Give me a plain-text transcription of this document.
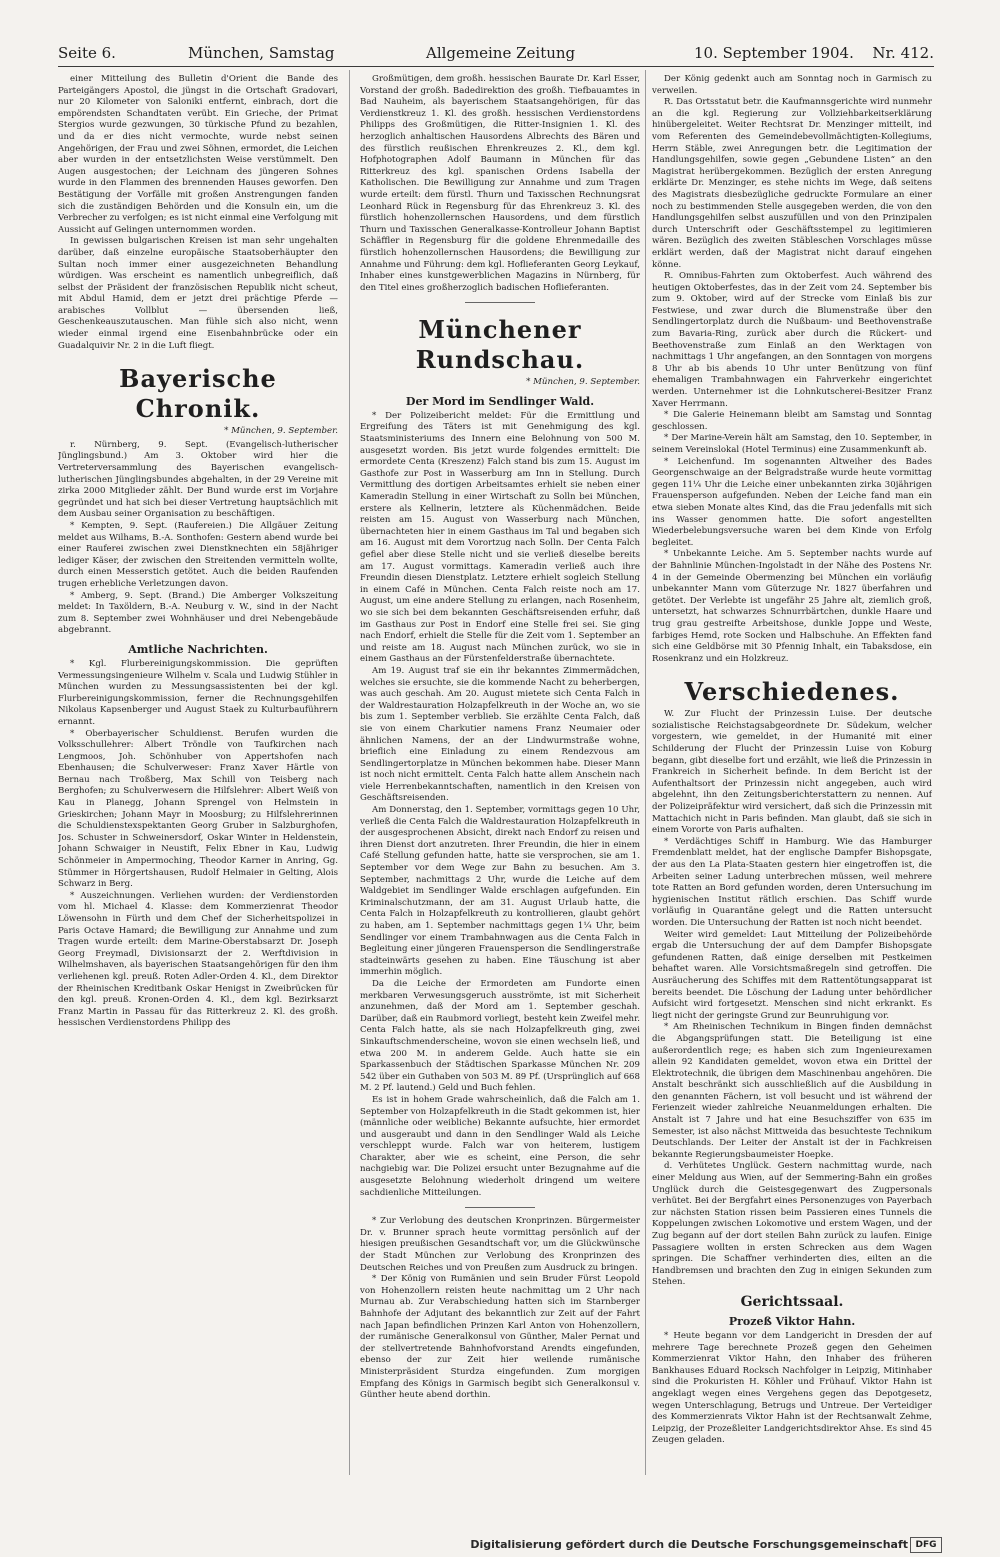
Seite 6.	München, Samstag	Allgemeine Zeitung	10. September 1904. Nr. 412.

einer Mitteilung des Bulletin d'Orient die Bande des Parteigängers Apostol, die jüngst in die Ortschaft Gradovari, nur 20 Kilometer von Saloniki entfernt, einbrach, dort die empörendsten Schandtaten verübt. Ein Grieche, der Primat Stergios wurde gezwungen, 30 türkische Pfund zu bezahlen, und da er dies nicht vermochte, wurde nebst seinen Angehörigen, der Frau und zwei Söhnen, ermordet, die Leichen aber wurden in der entsetzlichsten Weise verstümmelt. Den Augen ausgestochen; der Leichnam des jüngeren Sohnes wurde in den Flammen des brennenden Hauses geworfen. Den Bestätigung der Vorfälle mit großen Anstrengungen fanden sich die zuständigen Behörden und die Konsuln ein, um die Verbrecher zu verfolgen; es ist nicht einmal eine Verfolgung mit Aussicht auf Gelingen unternommen worden.

In gewissen bulgarischen Kreisen ist man sehr ungehalten darüber, daß einzelne europäische Staatsoberhäupter den Sultan noch immer einer ausgezeichneten Behandlung würdigen. Was erscheint es namentlich unbegreiflich, daß selbst der Präsident der französischen Republik nicht scheut, mit Abdul Hamid, dem er jetzt drei prächtige Pferde — arabisches Vollblut — übersenden ließ, Geschenkeauszutauschen. Man fühle sich also nicht, wenn wieder einmal irgend eine Eisenbahnbrücke oder ein Guadalquivir Nr. 2 in die Luft fliegt.

Bayerische Chronik.

* München, 9. September.

r. Nürnberg, 9. Sept. (Evangelisch-lutherischer Jünglingsbund.) Am 3. Oktober wird hier die Vertreterversammlung des Bayerischen evangelisch-lutherischen Jünglingsbundes abgehalten, in der 29 Vereine mit zirka 2000 Mitglieder zählt. Der Bund wurde erst im Vorjahre gegründet und hat sich bei dieser Vertretung hauptsächlich mit dem Ausbau seiner Organisation zu beschäftigen.

* Kempten, 9. Sept. (Raufereien.) Die Allgäuer Zeitung meldet aus Wilhams, B.-A. Sonthofen: Gestern abend wurde bei einer Rauferei zwischen zwei Dienstknechten ein 58jähriger lediger Käser, der zwischen den Streitenden vermitteln wollte, durch einen Messerstich getötet. Auch die beiden Raufenden trugen erhebliche Verletzungen davon.

* Amberg, 9. Sept. (Brand.) Die Amberger Volkszeitung meldet: In Taxöldern, B.-A. Neuburg v. W., sind in der Nacht zum 8. September zwei Wohnhäuser und drei Nebengebäude abgebrannt.

Amtliche Nachrichten.

* Kgl. Flurbereinigungskommission. Die geprüften Vermessungsingenieure Wilhelm v. Scala und Ludwig Stühler in München wurden zu Messungsassistenten bei der kgl. Flurbereinigungskommission, ferner die Rechnungsgehilfen Nikolaus Kapsenberger und August Staek zu Kulturbauführern ernannt.

* Oberbayerischer Schuldienst. Berufen wurden die Volksschullehrer: Albert Tröndle von Taufkirchen nach Lengmoos, Joh. Schönhuber von Appertshofen nach Ebenhausen; die Schulverweser: Franz Xaver Härtle von Bernau nach Troßberg, Max Schill von Teisberg nach Berghofen; zu Schulverwesern die Hilfslehrer: Albert Weiß von Kau in Planegg, Johann Sprengel von Helmstein in Grieskirchen; Johann Mayr in Moosburg; zu Hilfslehrerinnen die Schuldienstexspektanten Georg Gruber in Salzburghofen, Jos. Schuster in Schweinersdorf, Oskar Winter in Heldenstein, Johann Schwaiger in Neustift, Felix Ebner in Kau, Ludwig Schönmeier in Ampermoching, Theodor Karner in Anring, Gg. Stümmer in Hörgertshausen, Rudolf Helmaier in Gelting, Alois Schwarz in Berg.

* Auszeichnungen. Verliehen wurden: der Verdienstorden vom hl. Michael 4. Klasse: dem Kommerzienrat Theodor Löwensohn in Fürth und dem Chef der Sicherheitspolizei in Paris Octave Hamard; die Bewilligung zur Annahme und zum Tragen wurde erteilt: dem Marine-Oberstabsarzt Dr. Joseph Georg Freymadl, Divisionsarzt der 2. Werftdivision in Wilhelmshaven, als bayerischen Staatsangehörigen für den ihm verliehenen kgl. preuß. Roten Adler-Orden 4. Kl., dem Direktor der Rheinischen Kreditbank Oskar Henigst in Zweibrücken für den kgl. preuß. Kronen-Orden 4. Kl., dem kgl. Bezirksarzt Franz Martin in Passau für das Ritterkreuz 2. Kl. des großh. hessischen Verdienstordens Philipp des

Großmütigen, dem großh. hessischen Baurate Dr. Karl Esser, Vorstand der großh. Badedirektion des großh. Tiefbauamtes in Bad Nauheim, als bayerischem Staatsangehörigen, für das Verdienstkreuz 1. Kl. des großh. hessischen Verdienstordens Philipps des Großmütigen, die Ritter-Insignien 1. Kl. des herzoglich anhaltischen Hausordens Albrechts des Bären und des fürstlich reußischen Ehrenkreuzes 2. Kl., dem kgl. Hofphotographen Adolf Baumann in München für das Ritterkreuz des kgl. spanischen Ordens Isabella der Katholischen. Die Bewilligung zur Annahme und zum Tragen wurde erteilt: dem fürstl. Thurn und Taxisschen Rechnungsrat Leonhard Rück in Regensburg für das Ehrenkreuz 3. Kl. des fürstlich hohenzollernschen Hausordens, und dem fürstlich Thurn und Taxisschen Generalkasse-Kontrolleur Johann Baptist Schäffler in Regensburg für die goldene Ehrenmedaille des fürstlich hohenzollernschen Hausordens; die Bewilligung zur Annahme und Führung: dem kgl. Hoflieferanten Georg Leykauf, Inhaber eines kunstgewerblichen Magazins in Nürnberg, für den Titel eines großherzoglich badischen Hoflieferanten.

Münchener Rundschau.

* München, 9. September.

Der Mord im Sendlinger Wald.

* Der Polizeibericht meldet: Für die Ermittlung und Ergreifung des Täters ist mit Genehmigung des kgl. Staatsministeriums des Innern eine Belohnung von 500 M. ausgesetzt worden. Bis jetzt wurde folgendes ermittelt: Die ermordete Centa (Kreszenz) Falch stand bis zum 15. August im Gasthofe zur Post in Wasserburg am Inn in Stellung. Durch Vermittlung des dortigen Arbeitsamtes erhielt sie neben einer Kameradin Stellung in einer Wirtschaft zu Solln bei München, erstere als Kellnerin, letztere als Küchenmädchen. Beide reisten am 15. August von Wasserburg nach München, übernachteten hier in einem Gasthaus im Tal und begaben sich am 16. August mit dem Vorortzug nach Solln. Der Centa Falch gefiel aber diese Stelle nicht und sie verließ dieselbe bereits am 17. August vormittags. Kameradin verließ auch ihre Freundin diesen Dienstplatz. Letztere erhielt sogleich Stellung in einem Café in München. Centa Falch reiste noch am 17. August, um eine andere Stellung zu erlangen, nach Rosenheim, wo sie sich bei dem bekannten Geschäftsreisenden erfuhr, daß im Gasthaus zur Post in Endorf eine Stelle frei sei. Sie ging nach Endorf, erhielt die Stelle für die Zeit vom 1. September an und reiste am 18. August nach München zurück, wo sie in einem Gasthaus an der Fürstenfelderstraße übernachtete.

Am 19. August traf sie ein ihr bekanntes Zimmermädchen, welches sie ersuchte, sie die kommende Nacht zu beherbergen, was auch geschah. Am 20. August mietete sich Centa Falch in der Waldrestauration Holzapfelkreuth in der Woche an, wo sie bis zum 1. September verblieb. Sie erzählte Centa Falch, daß sie von einem Charkutier namens Franz Neumaier oder ähnlichen Namens, der an der Lindwurmstraße wohne, brieflich eine Einladung zu einem Rendezvous am Sendlingertorplatze in München bekommen habe. Dieser Mann ist noch nicht ermittelt. Centa Falch hatte allem Anschein nach viele Herrenbekanntschaften, namentlich in den Kreisen von Geschäftsreisenden.

Am Donnerstag, den 1. September, vormittags gegen 10 Uhr, verließ die Centa Falch die Waldrestauration Holzapfelkreuth in der ausgesprochenen Absicht, direkt nach Endorf zu reisen und ihren Dienst dort anzutreten. Ihrer Freundin, die hier in einem Café Stellung gefunden hatte, hatte sie versprochen, sie am 1. September vor dem Wege zur Bahn zu besuchen. Am 3. September, nachmittags 2 Uhr, wurde die Leiche auf dem Waldgebiet im Sendlinger Walde erschlagen aufgefunden. Ein Kriminalschutzmann, der am 31. August Urlaub hatte, die Centa Falch in Holzapfelkreuth zu kontrollieren, glaubt gehört zu haben, am 1. September nachmittags gegen 1¼ Uhr, beim Sendlinger vor einem Trambahnwagen aus die Centa Falch in Begleitung einer jüngeren Frauensperson die Sendlingerstraße stadteinwärts gesehen zu haben. Eine Täuschung ist aber immerhin möglich.

Da die Leiche der Ermordeten am Fundorte einen merkbaren Verwesungsgeruch ausströmte, ist mit Sicherheit anzunehmen, daß der Mord am 1. September geschah. Darüber, daß ein Raubmord vorliegt, besteht kein Zweifel mehr. Centa Falch hatte, als sie nach Holzapfelkreuth ging, zwei Sinkauftschmenderscheine, wovon sie einen wechseln ließ, und etwa 200 M. in anderem Gelde. Auch hatte sie ein Sparkassenbuch der Städtischen Sparkasse München Nr. 209 542 über ein Guthaben von 503 M. 89 Pf. (Ursprünglich auf 668 M. 2 Pf. lautend.) Geld und Buch fehlen.

Es ist in hohem Grade wahrscheinlich, daß die Falch am 1. September von Holzapfelkreuth in die Stadt gekommen ist, hier (männliche oder weibliche) Bekannte aufsuchte, hier ermordet und ausgeraubt und dann in den Sendlinger Wald als Leiche verschleppt wurde. Falch war von heiterem, lustigem Charakter, aber wie es scheint, eine Person, die sehr nachgiebig war. Die Polizei ersucht unter Bezugnahme auf die ausgesetzte Belohnung wiederholt dringend um weitere sachdienliche Mitteilungen.

* Zur Verlobung des deutschen Kronprinzen. Bürgermeister Dr. v. Brunner sprach heute vormittag persönlich auf der hiesigen preußischen Gesandtschaft vor, um die Glückwünsche der Stadt München zur Verlobung des Kronprinzen des Deutschen Reiches und von Preußen zum Ausdruck zu bringen.

* Der König von Rumänien und sein Bruder Fürst Leopold von Hohenzollern reisten heute nachmittag um 2 Uhr nach Murnau ab. Zur Verabschiedung hatten sich im Starnberger Bahnhofe der Adjutant des bekanntlich zur Zeit auf der Fahrt nach Japan befindlichen Prinzen Karl Anton von Hohenzollern, der rumänische Generalkonsul von Günther, Maler Pernat und der stellvertretende Bahnhofvorstand Arendts eingefunden, ebenso der zur Zeit hier weilende rumänische Ministerpräsident Sturdza eingefunden. Zum morgigen Empfang des Königs in Garmisch begibt sich Generalkonsul v. Günther heute abend dorthin.

Der König gedenkt auch am Sonntag noch in Garmisch zu verweilen.

R. Das Ortsstatut betr. die Kaufmannsgerichte wird nunmehr an die kgl. Regierung zur Vollziehbarkeitserklärung hinübergeleitet. Weiter Rechtsrat Dr. Menzinger mitteilt, ind vom Referenten des Gemeindebevollmächtigten-Kollegiums, Herrn Stäble, zwei Anregungen betr. die Legitimation der Handlungsgehilfen, sowie gegen „Gebundene Listen“ an den Magistrat herübergekommen. Bezüglich der ersten Anregung erklärte Dr. Menzinger, es stehe nichts im Wege, daß seitens des Magistrats diesbezügliche gedruckte Formulare an einer noch zu bestimmenden Stelle ausgegeben werden, die von den Handlungsgehilfen selbst auszufüllen und von den Prinzipalen durch Unterschrift oder Geschäftsstempel zu legitimieren wären. Bezüglich des zweiten Stäbleschen Vorschlages müsse erklärt werden, daß der Magistrat nicht darauf eingehen könne.

R. Omnibus-Fahrten zum Oktoberfest. Auch während des heutigen Oktoberfestes, das in der Zeit vom 24. September bis zum 9. Oktober, wird auf der Strecke vom Einlaß bis zur Festwiese, und zwar durch die Blumenstraße über den Sendlingertorplatz durch die Nußbaum- und Beethovenstraße zum Bavaria-Ring, zurück aber durch die Rückert- und Beethovenstraße zum Einlaß an den Werktagen von nachmittags 1 Uhr angefangen, an den Sonntagen von morgens 8 Uhr ab bis abends 10 Uhr unter Benützung von fünf ehemaligen Trambahnwagen ein Fahrverkehr eingerichtet werden. Unternehmer ist die Lohnkutscherei-Besitzer Franz Xaver Herrmann.

* Die Galerie Heinemann bleibt am Samstag und Sonntag geschlossen.

* Der Marine-Verein hält am Samstag, den 10. September, in seinem Vereinslokal (Hotel Terminus) eine Zusammenkunft ab.

* Leichenfund. Im sogenannten Altweiher des Bades Georgenschwaige an der Belgradstraße wurde heute vormittag gegen 11¼ Uhr die Leiche einer unbekannten zirka 30jährigen Frauensperson aufgefunden. Neben der Leiche fand man ein etwa sieben Monate altes Kind, das die Frau jedenfalls mit sich ins Wasser genommen hatte. Die sofort angestellten Wiederbelebungsversuche waren bei dem Kinde von Erfolg begleitet.

* Unbekannte Leiche. Am 5. September nachts wurde auf der Bahnlinie München-Ingolstadt in der Nähe des Postens Nr. 4 in der Gemeinde Obermenzing bei München ein vorläufig unbekannter Mann vom Güterzuge Nr. 1827 überfahren und getötet. Der Verlebte ist ungefähr 25 Jahre alt, ziemlich groß, untersetzt, hat schwarzes Schnurrbärtchen, dunkle Haare und trug grau gestreifte Arbeitshose, dunkle Joppe und Weste, farbiges Hemd, rote Socken und Halbschuhe. An Effekten fand sich eine Geldbörse mit 30 Pfennig Inhalt, ein Tabaksdose, ein Rosenkranz und ein Holzkreuz.

Verschiedenes.

W. Zur Flucht der Prinzessin Luise. Der deutsche sozialistische Reichstagsabgeordnete Dr. Südekum, welcher vorgestern, wie gemeldet, in der Humanité mit einer Schilderung der Flucht der Prinzessin Luise von Koburg begann, gibt dieselbe fort und erzählt, wie ließ die Prinzessin in Frankreich in Sicherheit befinde. In dem Bericht ist der Aufenthaltsort der Prinzessin nicht angegeben, auch wird abgelehnt, ihn den Zeitungsberichterstattern zu nennen. Auf der Polizeipräfektur wird versichert, daß sich die Prinzessin mit Mattachich nicht in Paris befinden. Man glaubt, daß sie sich in einem Vororte von Paris aufhalten.

* Verdächtiges Schiff in Hamburg. Wie das Hamburger Fremdenblatt meldet, hat der englische Dampfer Bishopsgate, der aus den La Plata-Staaten gestern hier eingetroffen ist, die Arbeiten seiner Ladung unterbrechen müssen, weil mehrere tote Ratten an Bord gefunden worden, deren Untersuchung im hygienischen Institut rätlich erschien. Das Schiff wurde vorläufig in Quarantäne gelegt und die Ratten untersucht worden. Die Untersuchung der Ratten ist noch nicht beendet.

Weiter wird gemeldet: Laut Mitteilung der Polizeibehörde ergab die Untersuchung der auf dem Dampfer Bishopsgate gefundenen Ratten, daß einige derselben mit Pestkeimen behaftet waren. Alle Vorsichtsmaßregeln sind getroffen. Die Ausräucherung des Schiffes mit dem Rattentötungsapparat ist bereits beendet. Die Löschung der Ladung unter behördlicher Aufsicht wird fortgesetzt. Menschen sind nicht erkrankt. Es liegt nicht der geringste Grund zur Beunruhigung vor.

* Am Rheinischen Technikum in Bingen finden demnächst die Abgangsprüfungen statt. Die Beteiligung ist eine außerordentlich rege; es haben sich zum Ingenieurexamen allein 92 Kandidaten gemeldet, wovon etwa ein Drittel der Elektrotechnik, die übrigen dem Maschinenbau angehören. Die Anstalt beschränkt sich ausschließlich auf die Ausbildung in den genannten Fächern, ist voll besucht und ist während der Ferienzeit wieder zahlreiche Neuanmeldungen erhalten. Die Anstalt ist 7 Jahre und hat eine Besuchsziffer von 635 im Semester, ist also nächst Mittweida das besuchteste Technikum Deutschlands. Der Leiter der Anstalt ist der in Fachkreisen bekannte Regierungsbaumeister Hoepke.

d. Verhütetes Unglück. Gestern nachmittag wurde, nach einer Meldung aus Wien, auf der Semmering-Bahn ein großes Unglück durch die Geistesgegenwart des Zugpersonals verhütet. Bei der Bergfahrt eines Personenzuges von Payerbach zur nächsten Station rissen beim Passieren eines Tunnels die Koppelungen zwischen Lokomotive und erstem Wagen, und der Zug begann auf der dort steilen Bahn zurück zu laufen. Einige Passagiere wollten in ersten Schrecken aus dem Wagen springen. Die Schaffner verhinderten dies, eilten an die Handbremsen und brachten den Zug in einigen Sekunden zum Stehen.

Gerichtssaal.
Prozeß Viktor Hahn.

* Heute begann vor dem Landgericht in Dresden der auf mehrere Tage berechnete Prozeß gegen den Geheimen Kommerzienrat Viktor Hahn, den Inhaber des früheren Bankhauses Eduard Rocksch Nachfolger in Leipzig, Mitinhaber sind die Prokuristen H. Köhler und Frühauf. Viktor Hahn ist angeklagt wegen eines Vergehens gegen das Depotgesetz, wegen Unterschlagung, Betrugs und Untreue. Der Verteidiger des Kommerzienrats Viktor Hahn ist der Rechtsanwalt Zehme, Leipzig, der Prozeßleiter Landgerichtsdirektor Ahse. Es sind 45 Zeugen geladen.

Digitalisierung gefördert durch die Deutsche Forschungsgemeinschaft DFG
